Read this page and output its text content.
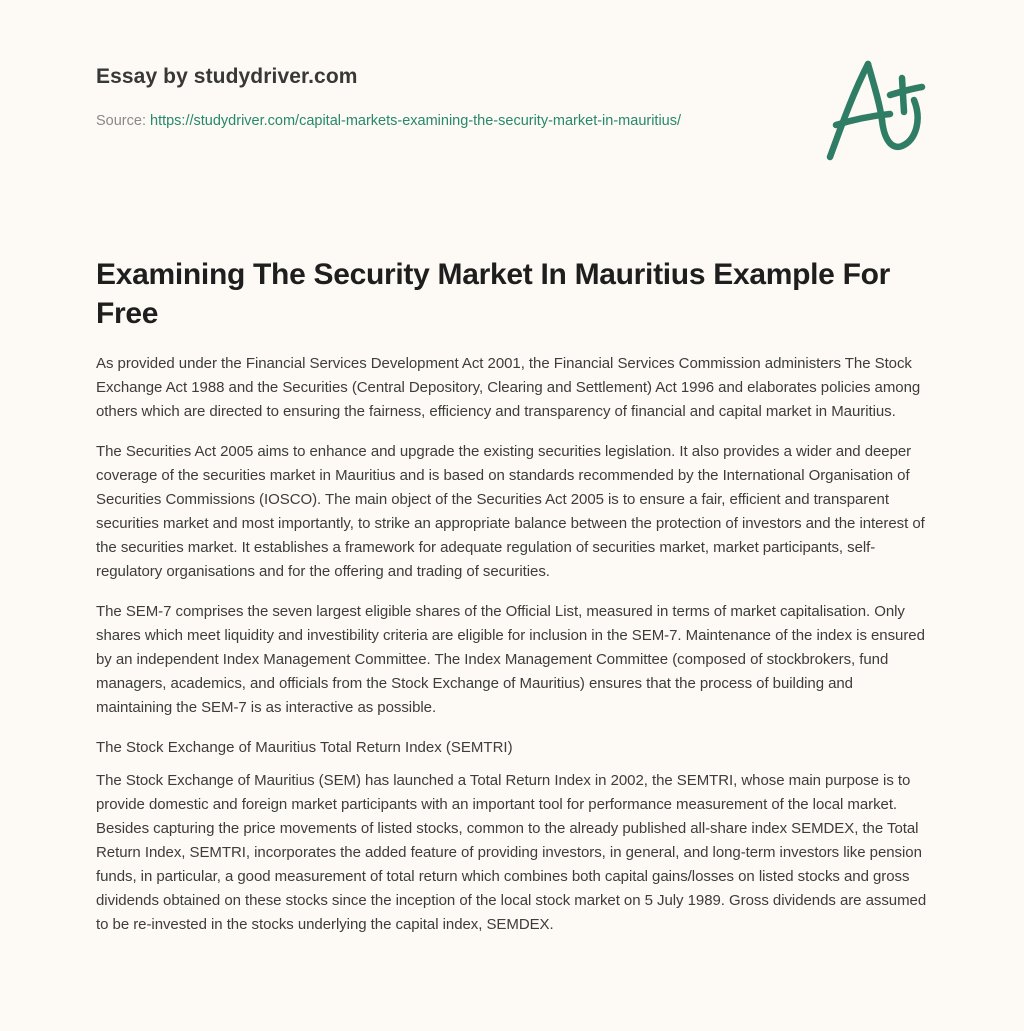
Essay by studydriver.com
Source: https://studydriver.com/capital-markets-examining-the-security-market-in-mauritius/
Examining The Security Market In Mauritius Example For Free

As provided under the Financial Services Development Act 2001, the Financial Services Commission administers The Stock Exchange Act 1988 and the Securities (Central Depository, Clearing and Settlement) Act 1996 and elaborates policies among others which are directed to ensuring the fairness, efficiency and transparency of financial and capital market in Mauritius.

The Securities Act 2005 aims to enhance and upgrade the existing securities legislation. It also provides a wider and deeper coverage of the securities market in Mauritius and is based on standards recommended by the International Organisation of Securities Commissions (IOSCO). The main object of the Securities Act 2005 is to ensure a fair, efficient and transparent securities market and most importantly, to strike an appropriate balance between the protection of investors and the interest of the securities market. It establishes a framework for adequate regulation of securities market, market participants, self-regulatory organisations and for the offering and trading of securities.

The SEM-7 comprises the seven largest eligible shares of the Official List, measured in terms of market capitalisation. Only shares which meet liquidity and investibility criteria are eligible for inclusion in the SEM-7. Maintenance of the index is ensured by an independent Index Management Committee. The Index Management Committee (composed of stockbrokers, fund managers, academics, and officials from the Stock Exchange of Mauritius) ensures that the process of building and maintaining the SEM-7 is as interactive as possible.

The Stock Exchange of Mauritius Total Return Index (SEMTRI)

The Stock Exchange of Mauritius (SEM) has launched a Total Return Index in 2002, the SEMTRI, whose main purpose is to provide domestic and foreign market participants with an important tool for performance measurement of the local market. Besides capturing the price movements of listed stocks, common to the already published all-share index SEMDEX, the Total Return Index, SEMTRI, incorporates the added feature of providing investors, in general, and long-term investors like pension funds, in particular, a good measurement of total return which combines both capital gains/losses on listed stocks and gross dividends obtained on these stocks since the inception of the local stock market on 5 July 1989. Gross dividends are assumed to be re-invested in the stocks underlying the capital index, SEMDEX.
